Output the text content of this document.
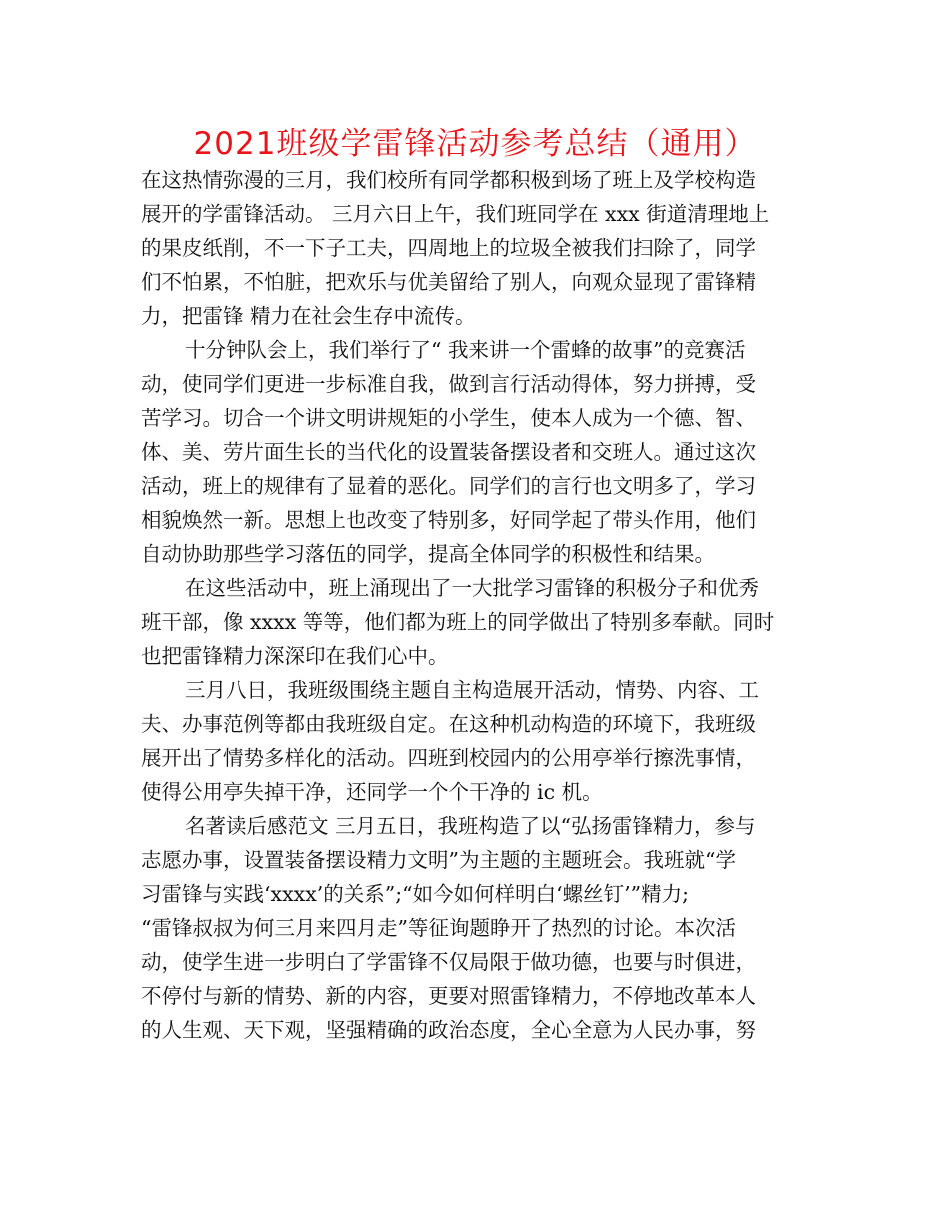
2021班级学雷锋活动参考总结（通用）
在这热情弥漫的三月，我们校所有同学都积极到场了班上及学校构造
展开的学雷锋活动。 三月六日上午，我们班同学在 xxx 街道清理地上
的果皮纸削，不一下子工夫，四周地上的垃圾全被我们扫除了，同学
们不怕累，不怕脏，把欢乐与优美留给了别人，向观众显现了雷锋精
力，把雷锋 精力在社会生存中流传。
十分钟队会上，我们举行了“ 我来讲一个雷蜂的故事”的竞赛活
动，使同学们更进一步标准自我，做到言行活动得体，努力拼搏，受
苦学习。切合一个讲文明讲规矩的小学生，使本人成为一个德、智、
体、美、劳片面生长的当代化的设置装备摆设者和交班人。通过这次
活动，班上的规律有了显着的恶化。同学们的言行也文明多了，学习
相貌焕然一新。思想上也改变了特别多，好同学起了带头作用，他们
自动协助那些学习落伍的同学，提高全体同学的积极性和结果。
在这些活动中，班上涌现出了一大批学习雷锋的积极分子和优秀
班干部，像 xxxx 等等，他们都为班上的同学做出了特别多奉献。同时
也把雷锋精力深深印在我们心中。
三月八日，我班级围绕主题自主构造展开活动，情势、内容、工
夫、办事范例等都由我班级自定。在这种机动构造的环境下，我班级
展开出了情势多样化的活动。四班到校园内的公用亭举行擦洗事情，
使得公用亭失掉干净，还同学一个个干净的 ic 机。
名著读后感范文 三月五日，我班构造了以“弘扬雷锋精力，参与
志愿办事，设置装备摆设精力文明”为主题的主题班会。我班就“学
习雷锋与实践‘xxxx’的关系”;“如今如何样明白‘螺丝钉’”精力;
“雷锋叔叔为何三月来四月走”等征询题睁开了热烈的讨论。本次活
动，使学生进一步明白了学雷锋不仅局限于做功德，也要与时俱进，
不停付与新的情势、新的内容，更要对照雷锋精力，不停地改革本人
的人生观、天下观，坚强精确的政治态度，全心全意为人民办事，努
